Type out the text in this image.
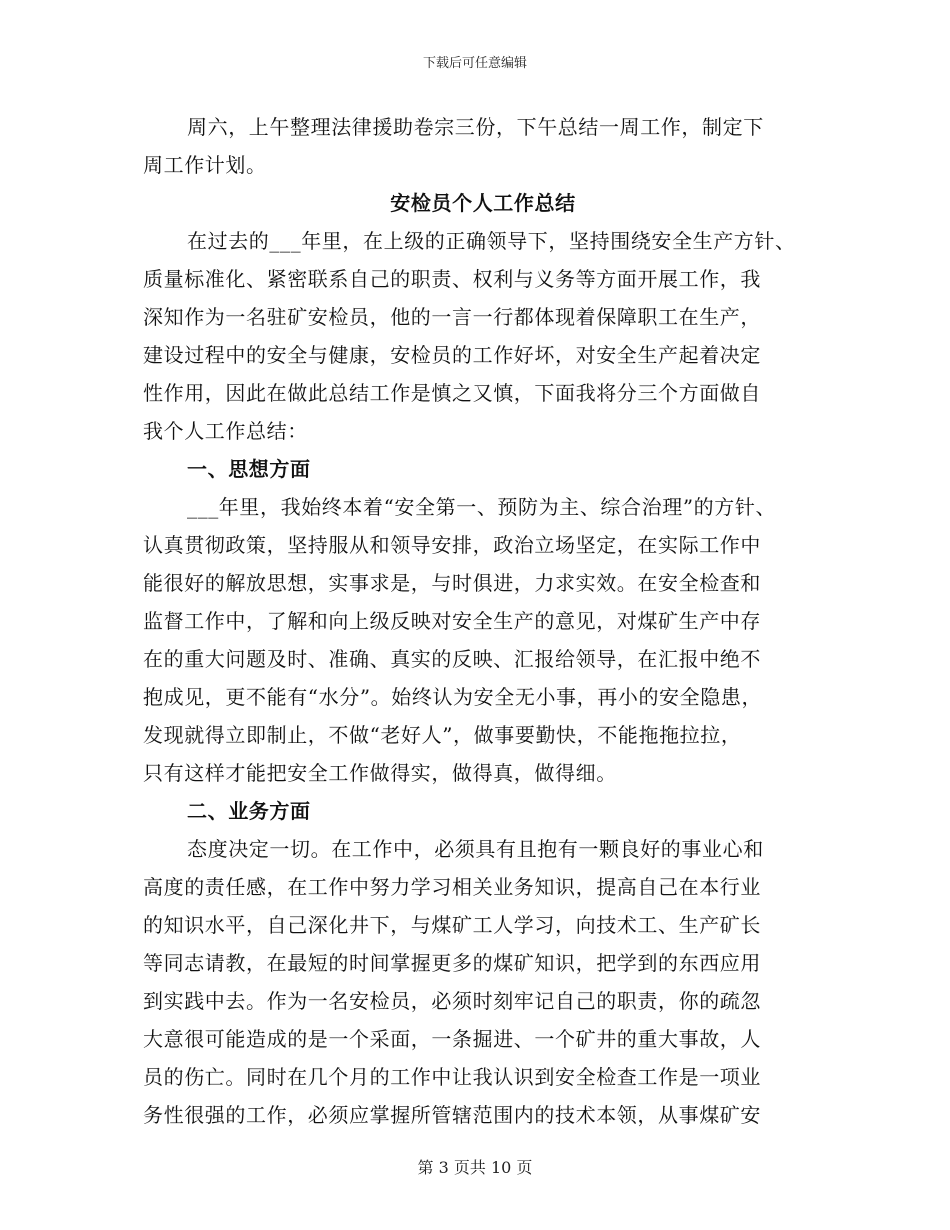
下载后可任意编辑
周六，上午整理法律援助卷宗三份，下午总结一周工作，制定下
周工作计划。
安检员个人工作总结
在过去的___年里，在上级的正确领导下，坚持围绕安全生产方针、
质量标准化、紧密联系自己的职责、权利与义务等方面开展工作，我
深知作为一名驻矿安检员，他的一言一行都体现着保障职工在生产，
建设过程中的安全与健康，安检员的工作好坏，对安全生产起着决定
性作用，因此在做此总结工作是慎之又慎，下面我将分三个方面做自
我个人工作总结：
一、思想方面
___年里，我始终本着“安全第一、预防为主、综合治理”的方针、
认真贯彻政策，坚持服从和领导安排，政治立场坚定，在实际工作中
能很好的解放思想，实事求是，与时俱进，力求实效。在安全检查和
监督工作中，了解和向上级反映对安全生产的意见，对煤矿生产中存
在的重大问题及时、准确、真实的反映、汇报给领导，在汇报中绝不
抱成见，更不能有“水分”。始终认为安全无小事，再小的安全隐患，
发现就得立即制止，不做“老好人”，做事要勤快，不能拖拖拉拉，
只有这样才能把安全工作做得实，做得真，做得细。
二、业务方面
态度决定一切。在工作中，必须具有且抱有一颗良好的事业心和
高度的责任感，在工作中努力学习相关业务知识，提高自己在本行业
的知识水平，自己深化井下，与煤矿工人学习，向技术工、生产矿长
等同志请教，在最短的时间掌握更多的煤矿知识，把学到的东西应用
到实践中去。作为一名安检员，必须时刻牢记自己的职责，你的疏忽
大意很可能造成的是一个采面，一条掘进、一个矿井的重大事故，人
员的伤亡。同时在几个月的工作中让我认识到安全检查工作是一项业
务性很强的工作，必须应掌握所管辖范围内的技术本领，从事煤矿安
第 3 页共 10 页
